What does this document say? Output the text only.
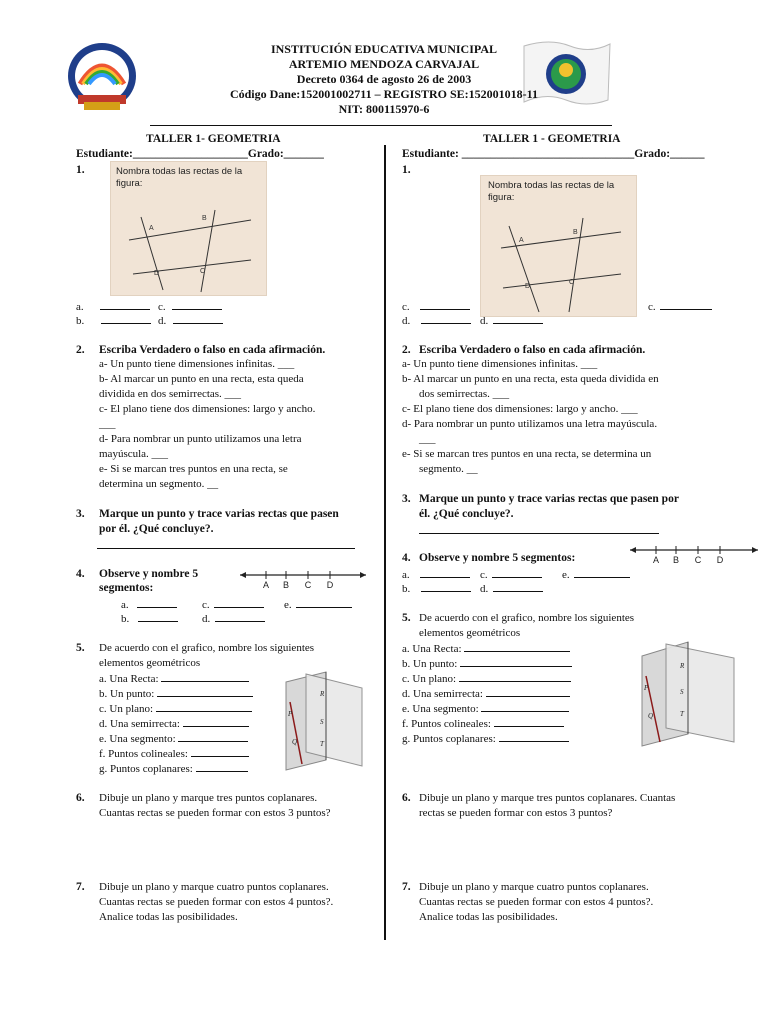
INSTITUCIÓN EDUCATIVA MUNICIPAL
ARTEMIO MENDOZA CARVAJAL
Decreto 0364 de agosto 26 de 2003
Código Dane:152001002711 – REGISTRO SE:152001018-11
NIT: 800115970-6
TALLER 1- GEOMETRIA
Estudiante:____________________Grado:_______
1.	Nombra todas las rectas de la figura:
A
B
C
D
a.	c.
b.	d.
2. Escriba Verdadero o falso en cada afirmación.
a- Un punto tiene dimensiones infinitas. ___
b- Al marcar un punto en una recta, esta queda
dividida en dos semirrectas. ___
c- El plano tiene dos dimensiones: largo y ancho.
___
d- Para nombrar un punto utilizamos una letra
mayúscula. ___
e- Si se marcan tres puntos en una recta, se
determina un segmento. __
3. Marque un punto y trace varias rectas que pasen
por él. ¿Qué concluye?.
4. Observe y nombre 5
segmentos:	A B C D
a.	c.	e.
b.	d.
5. De acuerdo con el grafico, nombre los siguientes
elementos geométricos
a. Una Recta:
b. Un punto:
c. Un plano:
d. Una semirrecta:
e. Una segmento:
f. Puntos colineales:
g. Puntos coplanares:
R
S
T
P
Q
6. Dibuje un plano y marque tres puntos coplanares.
Cuantas rectas se pueden formar con estos 3 puntos?
7. Dibuje un plano y marque cuatro puntos coplanares.
Cuantas rectas se pueden formar con estos 4 puntos?.
Analice todas las posibilidades.
TALLER 1 - GEOMETRIA
Estudiante: ______________________________Grado:______
1.
Nombra todas las rectas de la figura:
A
B
C
D
c.	c.
d.	d.
2. Escriba Verdadero o falso en cada afirmación.
a- Un punto tiene dimensiones infinitas. ___
b- Al marcar un punto en una recta, esta queda dividida en
dos semirrectas. ___
c- El plano tiene dos dimensiones: largo y ancho. ___
d- Para nombrar un punto utilizamos una letra mayúscula.
___
e- Si se marcan tres puntos en una recta, se determina un
segmento. __
3. Marque un punto y trace varias rectas que pasen por
él. ¿Qué concluye?.
4. Observe y nombre 5 segmentos:	A B C D
a.	c.	e.
b.	d.
5. De acuerdo con el grafico, nombre los siguientes
elementos geométricos
a. Una Recta:
b. Un punto:
c. Un plano:
d. Una semirrecta:
e. Una segmento:
f. Puntos colineales:
g. Puntos coplanares:
R
S
T
P
Q
6. Dibuje un plano y marque tres puntos coplanares. Cuantas
rectas se pueden formar con estos 3 puntos?
7. Dibuje un plano y marque cuatro puntos coplanares.
Cuantas rectas se pueden formar con estos 4 puntos?.
Analice todas las posibilidades.
